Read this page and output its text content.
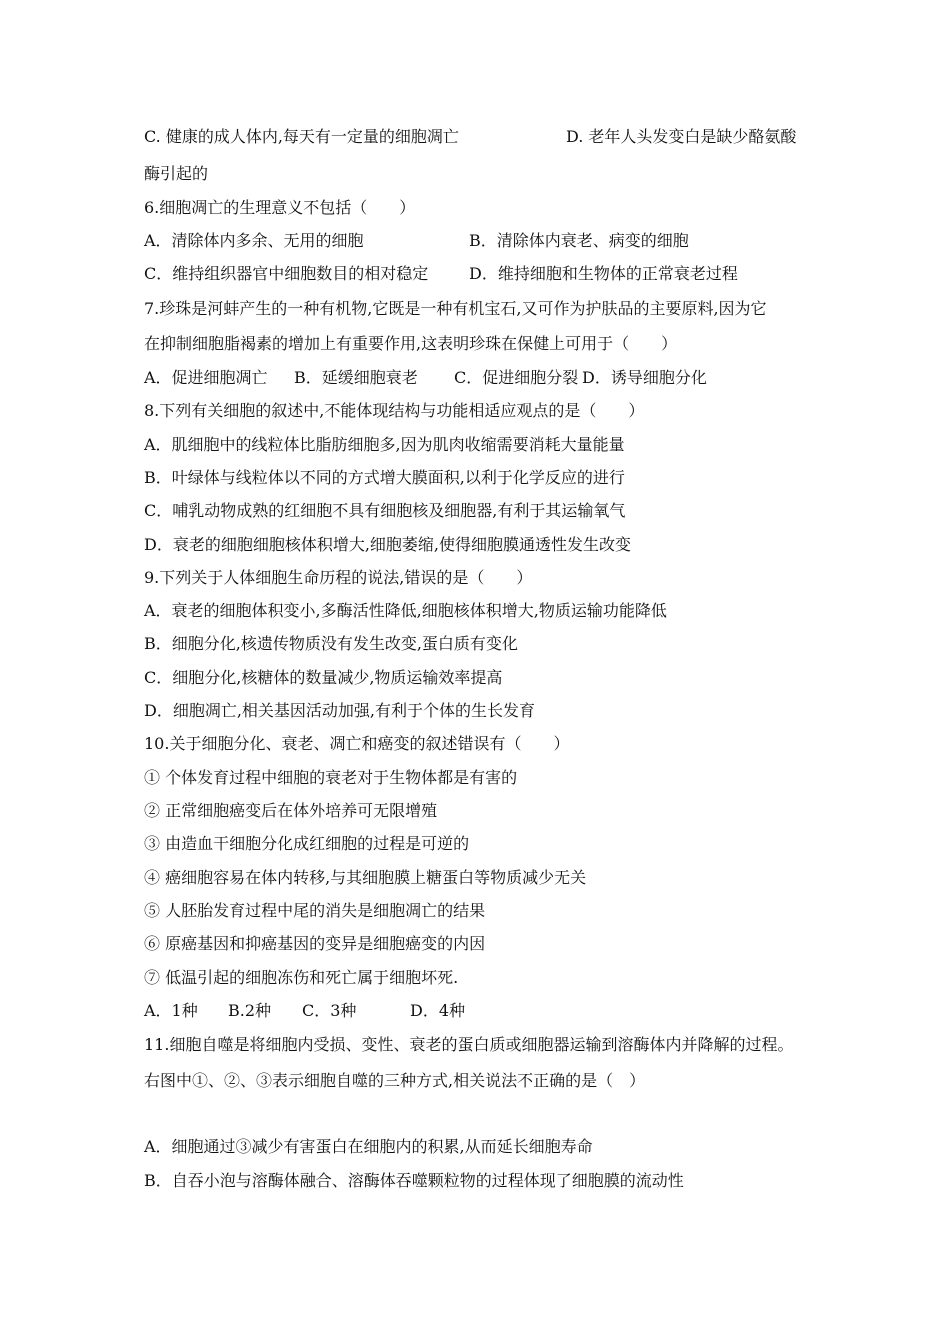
C. 健康的成人体内,每天有一定量的细胞凋亡	D. 老年人头发变白是缺少酪氨酸
酶引起的
6.细胞凋亡的生理意义不包括（　　）
A．清除体内多余、无用的细胞	B．清除体内衰老、病变的细胞
C．维持组织器官中细胞数目的相对稳定	D．维持细胞和生物体的正常衰老过程
7.珍珠是河蚌产生的一种有机物,它既是一种有机宝石,又可作为护肤品的主要原料,因为它
在抑制细胞脂褐素的增加上有重要作用,这表明珍珠在保健上可用于（　　）
A．促进细胞凋亡 B．延缓细胞衰老 C．促进细胞分裂 D．诱导细胞分化
8.下列有关细胞的叙述中,不能体现结构与功能相适应观点的是（　　）
A．肌细胞中的线粒体比脂肪细胞多,因为肌肉收缩需要消耗大量能量
B．叶绿体与线粒体以不同的方式增大膜面积,以利于化学反应的进行
C．哺乳动物成熟的红细胞不具有细胞核及细胞器,有利于其运输氧气
D．衰老的细胞细胞核体积增大,细胞萎缩,使得细胞膜通透性发生改变
9.下列关于人体细胞生命历程的说法,错误的是（　　）
A．衰老的细胞体积变小,多酶活性降低,细胞核体积增大,物质运输功能降低
B．细胞分化,核遗传物质没有发生改变,蛋白质有变化
C．细胞分化,核糖体的数量减少,物质运输效率提高
D．细胞凋亡,相关基因活动加强,有利于个体的生长发育
10.关于细胞分化、衰老、凋亡和癌变的叙述错误有（　　）
① 个体发育过程中细胞的衰老对于生物体都是有害的
② 正常细胞癌变后在体外培养可无限增殖
③ 由造血干细胞分化成红细胞的过程是可逆的
④ 癌细胞容易在体内转移,与其细胞膜上糖蛋白等物质减少无关
⑤ 人胚胎发育过程中尾的消失是细胞凋亡的结果
⑥ 原癌基因和抑癌基因的变异是细胞癌变的内因
⑦ 低温引起的细胞冻伤和死亡属于细胞坏死.
A．1种 B.2种 C．3种	D．4种
11.细胞自噬是将细胞内受损、变性、衰老的蛋白质或细胞器运输到溶酶体内并降解的过程。
右图中①、②、③表示细胞自噬的三种方式,相关说法不正确的是（　）
A．细胞通过③减少有害蛋白在细胞内的积累,从而延长细胞寿命
B．自吞小泡与溶酶体融合、溶酶体吞噬颗粒物的过程体现了细胞膜的流动性
